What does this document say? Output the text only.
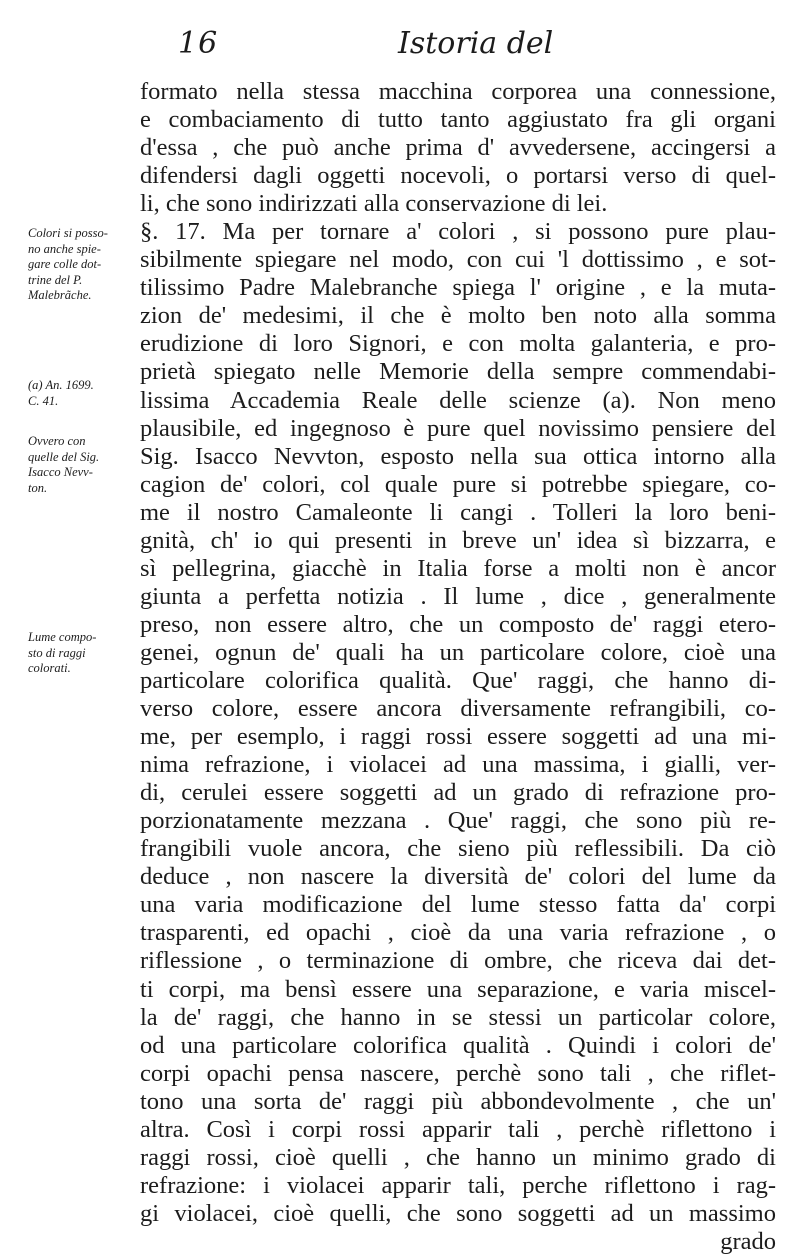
16	Istoria del
formato nella stessa macchina corporea una connessione,
e combaciamento di tutto tanto aggiustato fra gli organi
d'essa , che può anche prima d' avvedersene, accingersi a
difendersi dagli oggetti nocevoli, o portarsi verso di quel-
li, che sono indirizzati alla conservazione di lei.
§. 17. Ma per tornare a' colori , si possono pure plau-
sibilmente spiegare nel modo, con cui 'l dottissimo , e sot-
tilissimo Padre Malebranche spiega l' origine , e la muta-
zion de' medesimi, il che è molto ben noto alla somma
erudizione di loro Signori, e con molta galanteria, e pro-
prietà spiegato nelle Memorie della sempre commendabi-
lissima Accademia Reale delle scienze (a). Non meno
plausibile, ed ingegnoso è pure quel novissimo pensiere del
Sig. Isacco Nevvton, esposto nella sua ottica intorno alla
cagion de' colori, col quale pure si potrebbe spiegare, co-
me il nostro Camaleonte li cangi . Tolleri la loro beni-
gnità, ch' io qui presenti in breve un' idea sì bizzarra, e
sì pellegrina, giacchè in Italia forse a molti non è ancor
giunta a perfetta notizia . Il lume , dice , generalmente
preso, non essere altro, che un composto de' raggi etero-
genei, ognun de' quali ha un particolare colore, cioè una
particolare colorifica qualità. Que' raggi, che hanno di-
verso colore, essere ancora diversamente refrangibili, co-
me, per esemplo, i raggi rossi essere soggetti ad una mi-
nima refrazione, i violacei ad una massima, i gialli, ver-
di, cerulei essere soggetti ad un grado di refrazione pro-
porzionatamente mezzana . Que' raggi, che sono più re-
frangibili vuole ancora, che sieno più reflessibili. Da ciò
deduce , non nascere la diversità de' colori del lume da
una varia modificazione del lume stesso fatta da' corpi
trasparenti, ed opachi , cioè da una varia refrazione , o
riflessione , o terminazione di ombre, che riceva dai det-
ti corpi, ma bensì essere una separazione, e varia miscel-
la de' raggi, che hanno in se stessi un particolar colore,
od una particolare colorifica qualità . Quindi i colori de'
corpi opachi pensa nascere, perchè sono tali , che riflet-
tono una sorta de' raggi più abbondevolmente , che un'
altra. Così i corpi rossi apparir tali , perchè riflettono i
raggi rossi, cioè quelli , che hanno un minimo grado di
refrazione: i violacei apparir tali, perche riflettono i rag-
gi violacei, cioè quelli, che sono soggetti ad un massimo
grado
Colori si posso-
no anche spie-
gare colle dot-
trine del P.
Malebrãche.
(a) An. 1699.
C. 41.
Ovvero con
quelle del Sig.
Isacco Nevv-
ton.
Lume compo-
sto di raggi
colorati.
